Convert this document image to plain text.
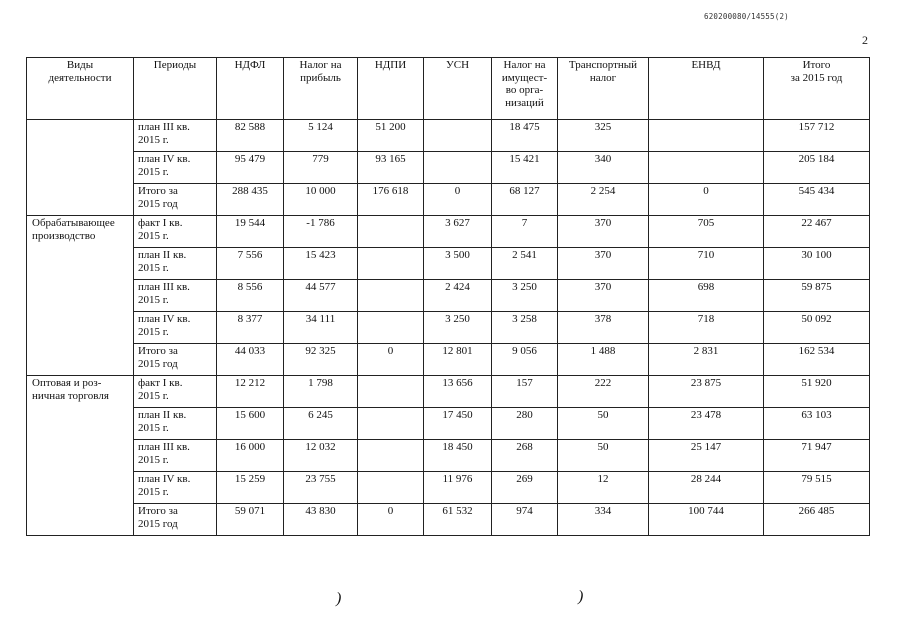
620200080/14555(2)
2
Виды
деятельности	Периоды	НДФЛ	Налог на
прибыль	НДПИ	УСН	Налог на
имущест-
во орга-
низаций	Транспортный
налог	ЕНВД	Итого
за 2015 год
	план III кв.
2015 г.	82 588	5 124	51 200		18 475	325		157 712
	план IV кв.
2015 г.	95 479	779	93 165		15 421	340		205 184
	Итого за
2015 год	288 435	10 000	176 618	0	68 127	2 254	0	545 434
Обрабатывающее
производство	факт I кв.
2015 г.	19 544	-1 786		3 627	7	370	705	22 467
	план II кв.
2015 г.	7 556	15 423		3 500	2 541	370	710	30 100
	план III кв.
2015 г.	8 556	44 577		2 424	3 250	370	698	59 875
	план IV кв.
2015 г.	8 377	34 111		3 250	3 258	378	718	50 092
	Итого за
2015 год	44 033	92 325	0	12 801	9 056	1 488	2 831	162 534
Оптовая и роз-
ничная торговля	факт I кв.
2015 г.	12 212	1 798		13 656	157	222	23 875	51 920
	план II кв.
2015 г.	15 600	6 245		17 450	280	50	23 478	63 103
	план III кв.
2015 г.	16 000	12 032		18 450	268	50	25 147	71 947
	план IV кв.
2015 г.	15 259	23 755		11 976	269	12	28 244	79 515
	Итого за
2015 год	59 071	43 830	0	61 532	974	334	100 744	266 485
)	)
